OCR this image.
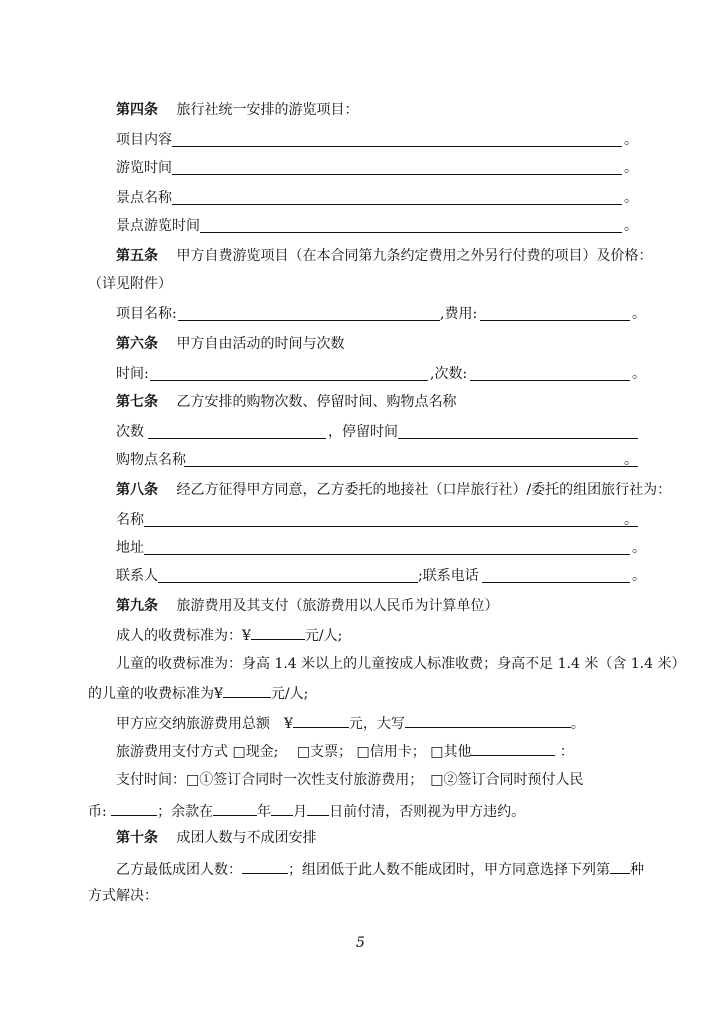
第四条　 旅行社统一安排的游览项目：
项目内容	。
游览时间	。
景点名称	。
景点游览时间	。
第五条　 甲方自费游览项目（在本合同第九条约定费用之外另行付费的项目）及价格：
（详见附件）
项目名称:	,费用:	。
第六条　 甲方自由活动的时间与次数
时间:	,次数:	。
第七条　 乙方安排的购物次数、停留时间、购物点名称
次数	，停留时间
购物点名称	。
第八条　 经乙方征得甲方同意，乙方委托的地接社（口岸旅行社）/委托的组团旅行社为：
名称	。
地址	。
联系人	;联系电话	。
第九条　 旅游费用及其支付（旅游费用以人民币为计算单位）
成人的收费标准为：¥	元/人;
儿童的收费标准为：身高 1.4 米以上的儿童按成人标准收费；身高不足 1.4 米（含 1.4 米）
的儿童的收费标准为¥	元/人;
甲方应交纳旅游费用总额　¥	元，大写	。
旅游费用支付方式 □现金;　 □支票； □信用卡； □其他	：
支付时间：□①签订合同时一次性支付旅游费用；　 □②签订合同时预付人民
币:	；余款在	年 月 日前付清，否则视为甲方违约。
第十条　 成团人数与不成团安排
乙方最低成团人数：	；组团低于此人数不能成团时，甲方同意选择下列第 种
方式解决：
5
